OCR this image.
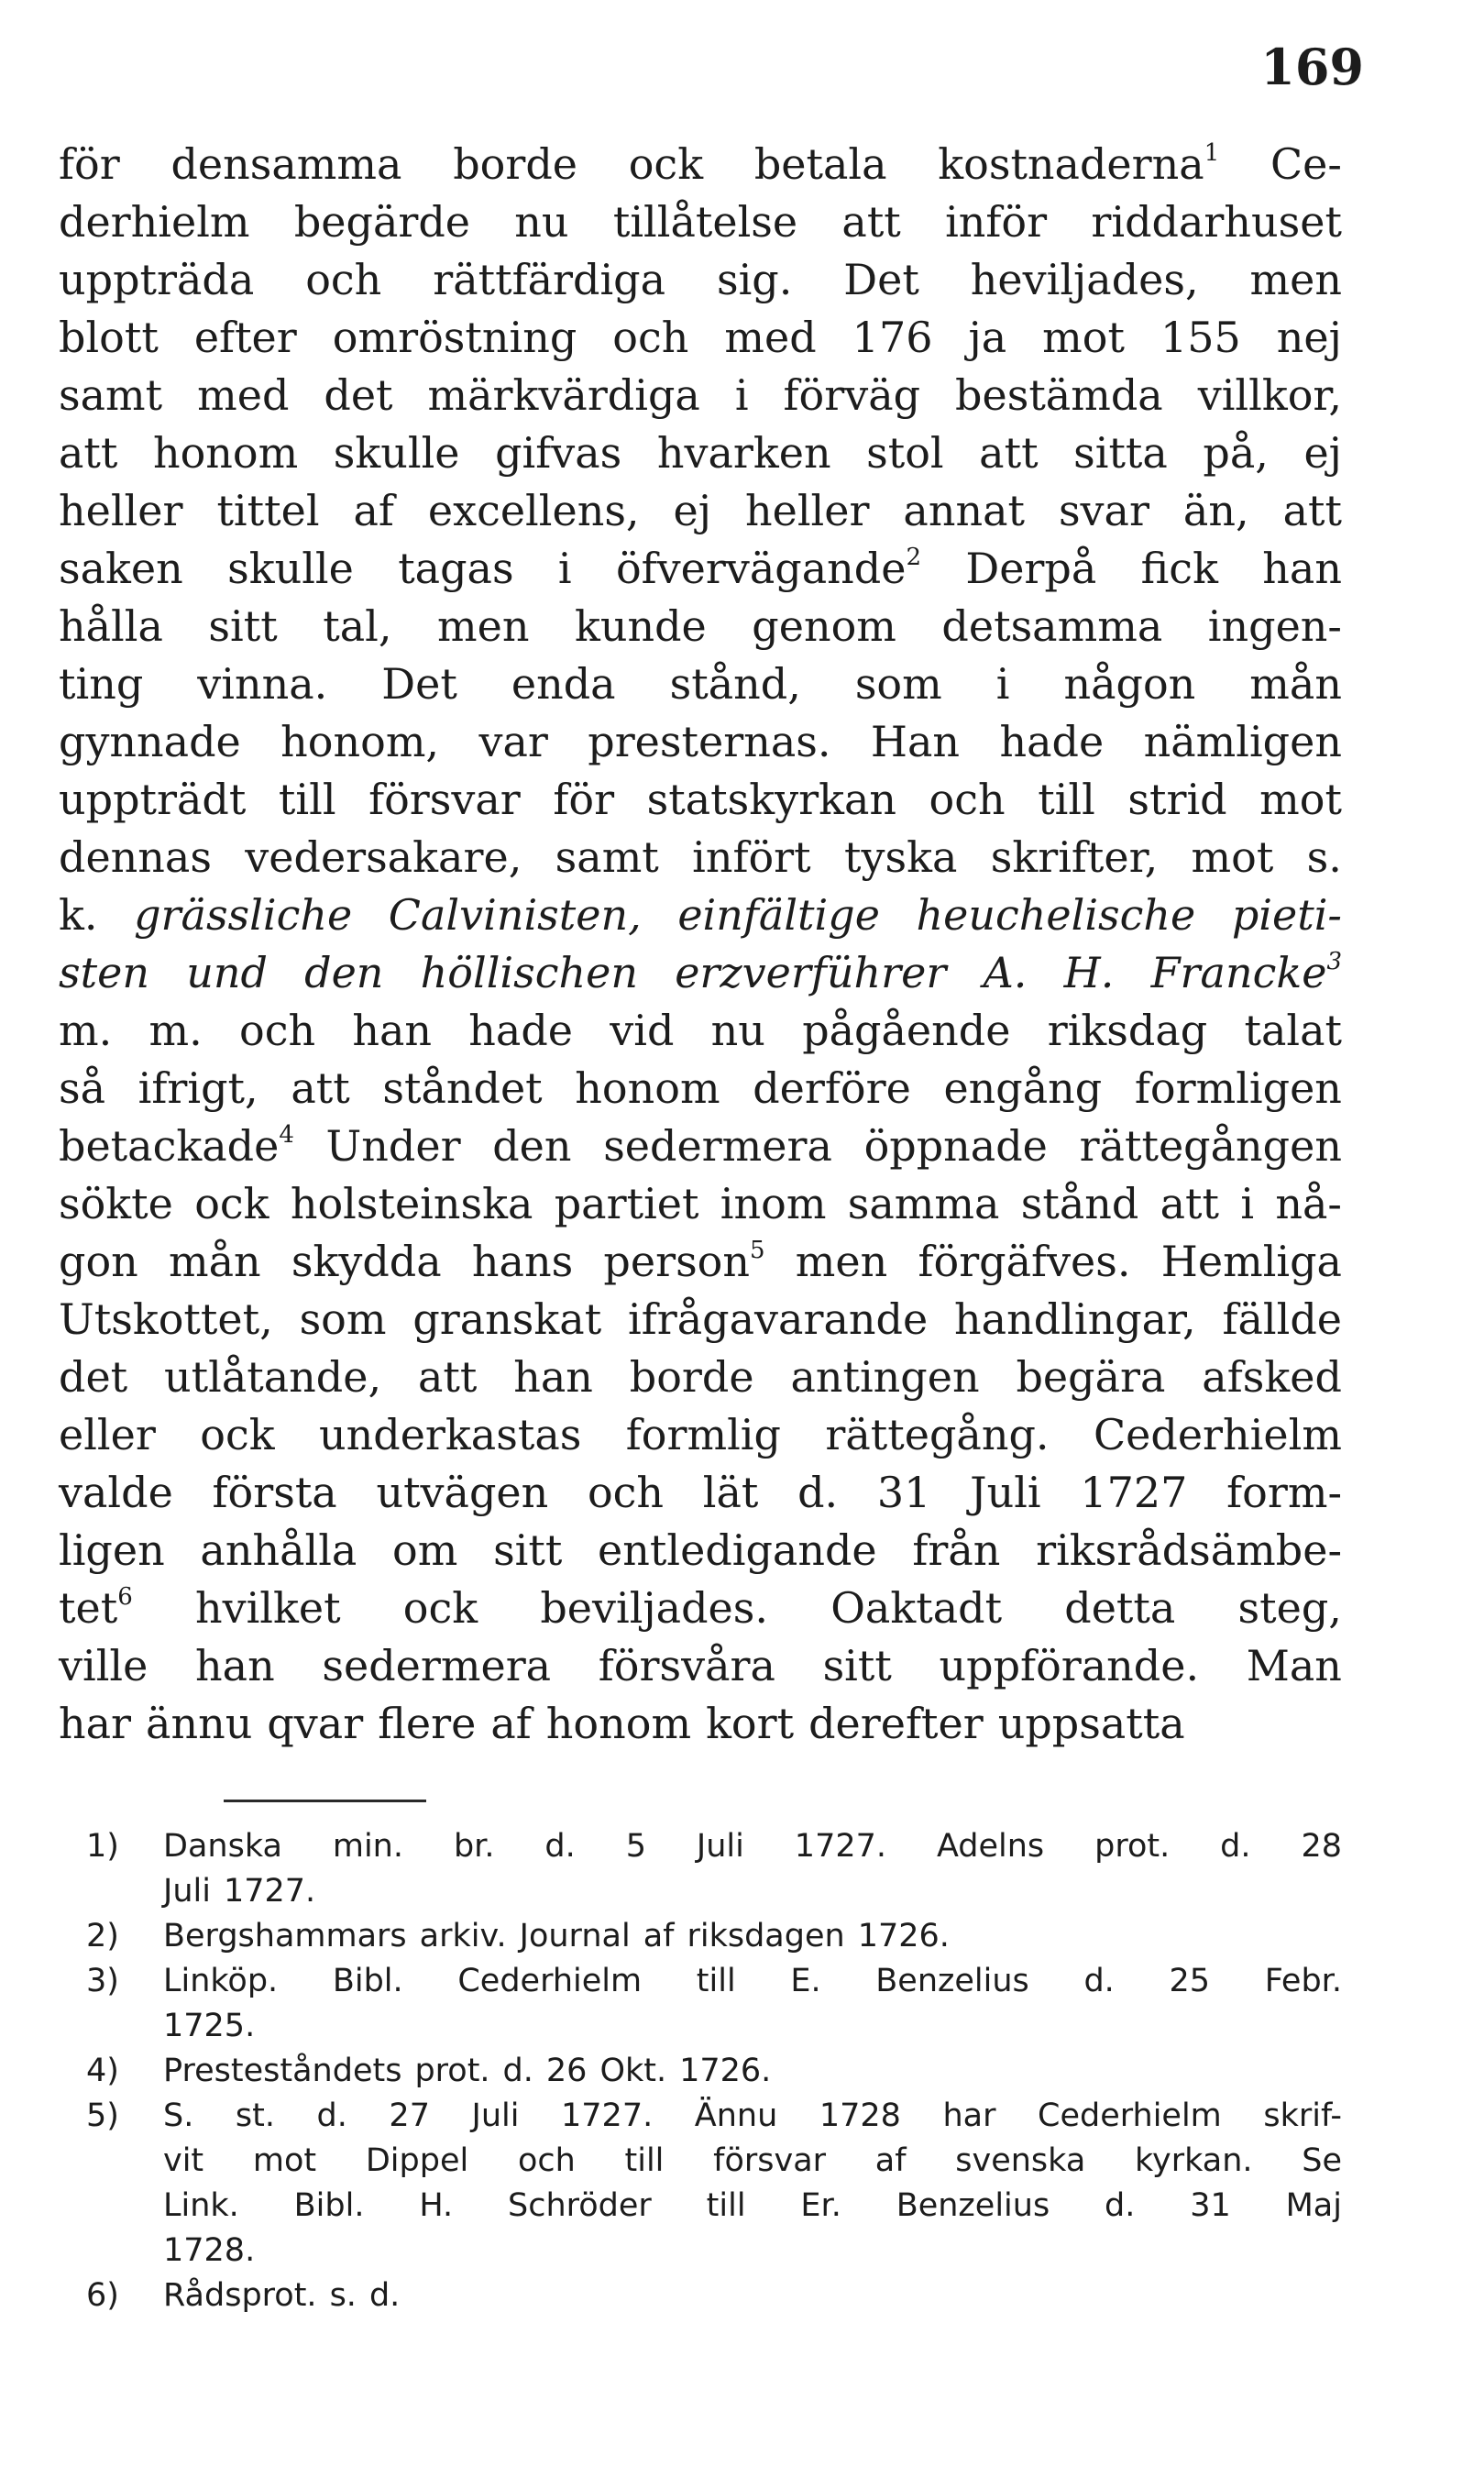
169
för densamma borde ock betala kostnaderna$^1$ Ce-
derhielm begärde nu tillåtelse att inför riddarhuset
uppträda och rättfärdiga sig. Det heviljades, men
blott efter omröstning och med 176 ja mot 155 nej
samt med det märkvärdiga i förväg bestämda villkor,
att honom skulle gifvas hvarken stol att sitta på, ej
heller tittel af excellens, ej heller annat svar än, att
saken skulle tagas i öfvervägande$^2$ Derpå fick han
hålla sitt tal, men kunde genom detsamma ingen-
ting vinna. Det enda stånd, som i någon mån
gynnade honom, var presternas. Han hade nämligen
uppträdt till försvar för statskyrkan och till strid mot
dennas vedersakare, samt infört tyska skrifter, mot s.
k. grässliche Calvinisten, einfältige heuchelische pieti-
sten und den höllischen erzverführer A. H. Francke$^3$
m. m. och han hade vid nu pågående riksdag talat
så ifrigt, att ståndet honom derföre engång formligen
betackade$^4$ Under den sedermera öppnade rättegången
sökte ock holsteinska partiet inom samma stånd att i nå-
gon mån skydda hans person$^5$ men förgäfves. Hemliga
Utskottet, som granskat ifrågavarande handlingar, fällde
det utlåtande, att han borde antingen begära afsked
eller ock underkastas formlig rättegång. Cederhielm
valde första utvägen och lät d. 31 Juli 1727 form-
ligen anhålla om sitt entledigande från riksrådsämbe-
tet$^6$ hvilket ock beviljades. Oaktadt detta steg,
ville han sedermera försvåra sitt uppförande. Man
har ännu qvar flere af honom kort derefter uppsatta
1) Danska min. br. d. 5 Juli 1727. Adelns prot. d. 28
Juli 1727.
2) Bergshammars arkiv. Journal af riksdagen 1726.
3) Linköp. Bibl. Cederhielm till E. Benzelius d. 25 Febr.
1725.
4) Presteståndets prot. d. 26 Okt. 1726.
5) S. st. d. 27 Juli 1727. Ännu 1728 har Cederhielm skrif-
vit mot Dippel och till försvar af svenska kyrkan. Se
Link. Bibl. H. Schröder till Er. Benzelius d. 31 Maj
1728.
6) Rådsprot. s. d.
